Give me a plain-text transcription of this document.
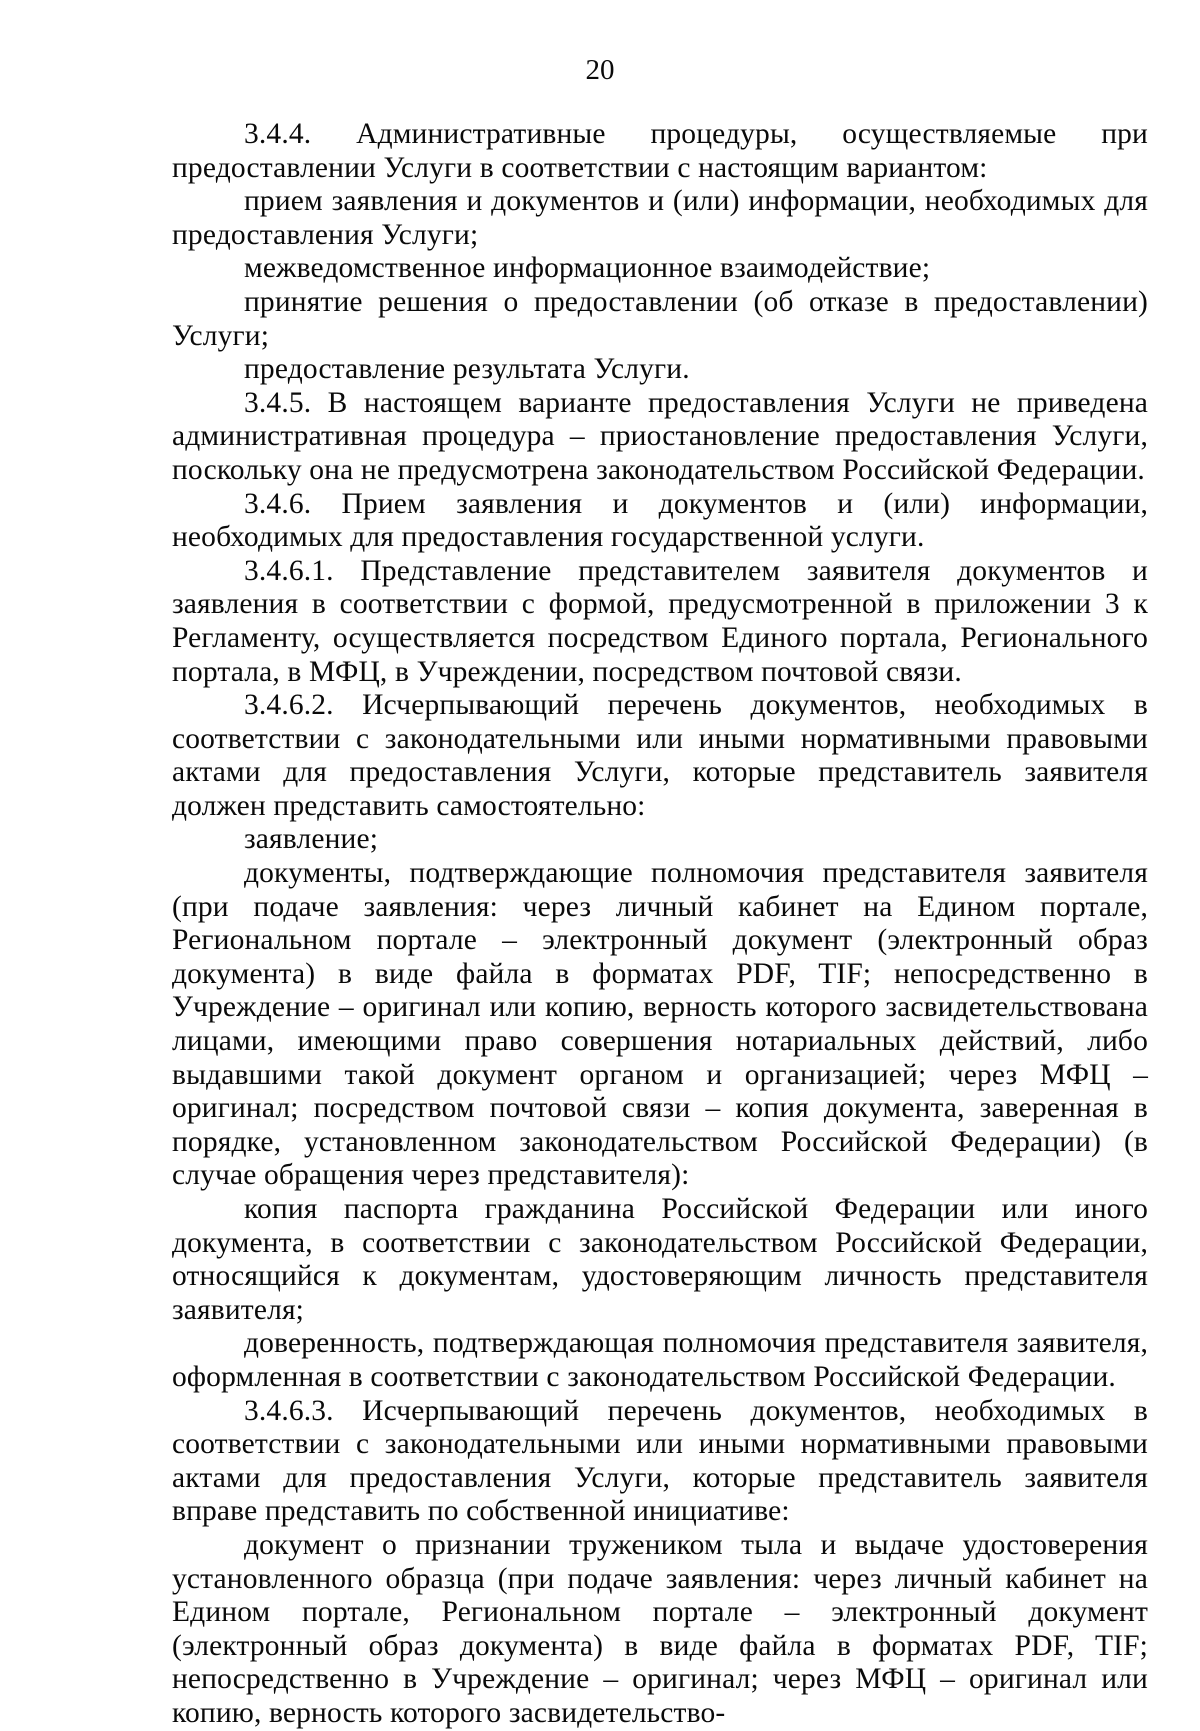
20

3.4.4. Административные процедуры, осуществляемые при предоставлении Услуги в соответствии с настоящим вариантом:

прием заявления и документов и (или) информации, необходимых для предоставления Услуги;

межведомственное информационное взаимодействие;

принятие решения о предоставлении (об отказе в предоставлении) Услуги;

предоставление результата Услуги.

3.4.5. В настоящем варианте предоставления Услуги не приведена административная процедура – приостановление предоставления Услуги, поскольку она не предусмотрена законодательством Российской Федерации.

3.4.6. Прием заявления и документов и (или) информации, необходимых для предоставления государственной услуги.

3.4.6.1. Представление представителем заявителя документов и заявления в соответствии с формой, предусмотренной в приложении 3 к Регламенту, осуществляется посредством Единого портала, Регионального портала, в МФЦ, в Учреждении, посредством почтовой связи.

3.4.6.2. Исчерпывающий перечень документов, необходимых в соответствии с законодательными или иными нормативными правовыми актами для предоставления Услуги, которые представитель заявителя должен представить самостоятельно:

заявление;

документы, подтверждающие полномочия представителя заявителя (при подаче заявления: через личный кабинет на Едином портале, Региональном портале – электронный документ (электронный образ документа) в виде файла в форматах PDF, TIF; непосредственно в Учреждение – оригинал или копию, верность которого засвидетельствована лицами, имеющими право совершения нотариальных действий, либо выдавшими такой документ органом и организацией; через МФЦ – оригинал; посредством почтовой связи – копия документа, заверенная в порядке, установленном законодательством Российской Федерации) (в случае обращения через представителя):

копия паспорта гражданина Российской Федерации или иного документа, в соответствии с законодательством Российской Федерации, относящийся к документам, удостоверяющим личность представителя заявителя;

доверенность, подтверждающая полномочия представителя заявителя, оформленная в соответствии с законодательством Российской Федерации.

3.4.6.3. Исчерпывающий перечень документов, необходимых в соответствии с законодательными или иными нормативными правовыми актами для предоставления Услуги, которые представитель заявителя вправе представить по собственной инициативе:

документ о признании тружеником тыла и выдаче удостоверения установленного образца (при подаче заявления: через личный кабинет на Едином портале, Региональном портале – электронный документ (электронный образ документа) в виде файла в форматах PDF, TIF; непосредственно в Учреждение – оригинал; через МФЦ – оригинал или копию, верность которого засвидетельство-
